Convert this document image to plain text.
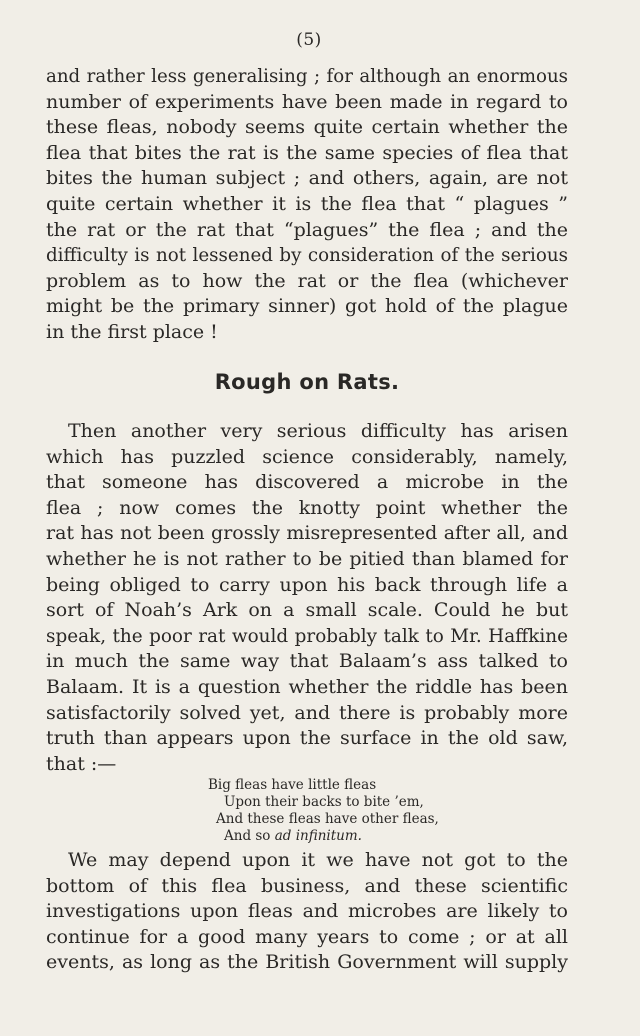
(5)
and rather less generalising ; for although an enormous
number of experiments have been made in regard to
these fleas, nobody seems quite certain whether the
flea that bites the rat is the same species of flea that
bites the human subject ; and others, again, are not
quite certain whether it is the flea that “ plagues ”
the rat or the rat that “plagues” the flea ; and the
difficulty is not lessened by consideration of the serious
problem as to how the rat or the flea (whichever
might be the primary sinner) got hold of the plague
in the first place !
Rough on Rats.
Then another very serious difficulty has arisen
which has puzzled science considerably, namely,
that someone has discovered a microbe in the
flea ; now comes the knotty point whether the
rat has not been grossly misrepresented after all, and
whether he is not rather to be pitied than blamed for
being obliged to carry upon his back through life a
sort of Noah’s Ark on a small scale. Could he but
speak, the poor rat would probably talk to Mr. Haffkine
in much the same way that Balaam’s ass talked to
Balaam. It is a question whether the riddle has been
satisfactorily solved yet, and there is probably more
truth than appears upon the surface in the old saw,
that :—
Big fleas have little fleas
Upon their backs to bite ’em,
And these fleas have other fleas,
And so ad infinitum.
We may depend upon it we have not got to the
bottom of this flea business, and these scientific
investigations upon fleas and microbes are likely to
continue for a good many years to come ; or at all
events, as long as the British Government will supply
